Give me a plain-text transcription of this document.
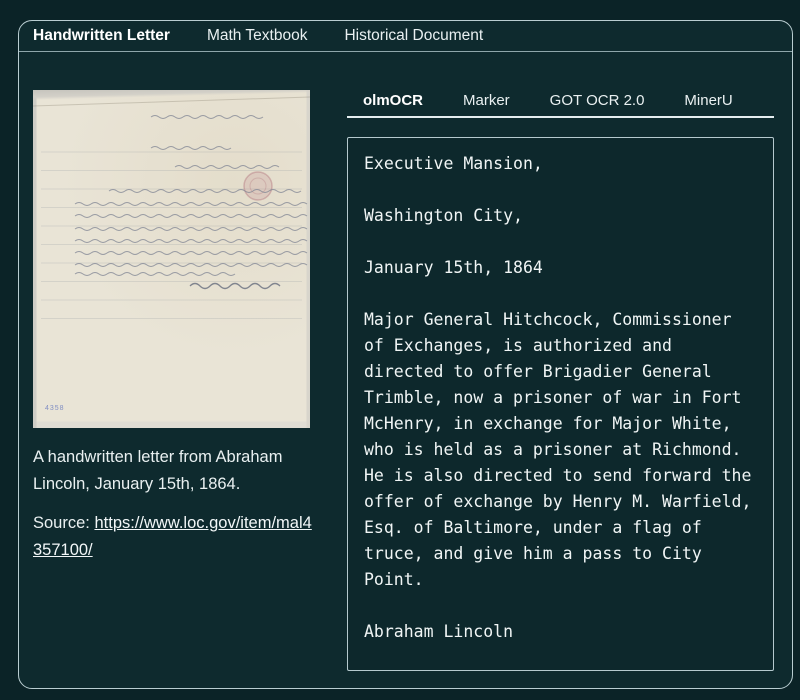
Handwritten Letter Math Textbook Historical Document
4358

A handwritten letter from Abraham Lincoln, January 15th, 1864.

Source: https://www.loc.gov/item/mal4357100/

olmOCR	Marker	GOT OCR 2.0	MinerU

Executive Mansion,

Washington City,

January 15th, 1864

Major General Hitchcock, Commissioner of Exchanges, is authorized and directed to offer Brigadier General Trimble, now a prisoner of war in Fort McHenry, in exchange for Major White, who is held as a prisoner at Richmond. He is also directed to send forward the offer of exchange by Henry M. Warfield, Esq. of Baltimore, under a flag of truce, and give him a pass to City Point.

Abraham Lincoln
